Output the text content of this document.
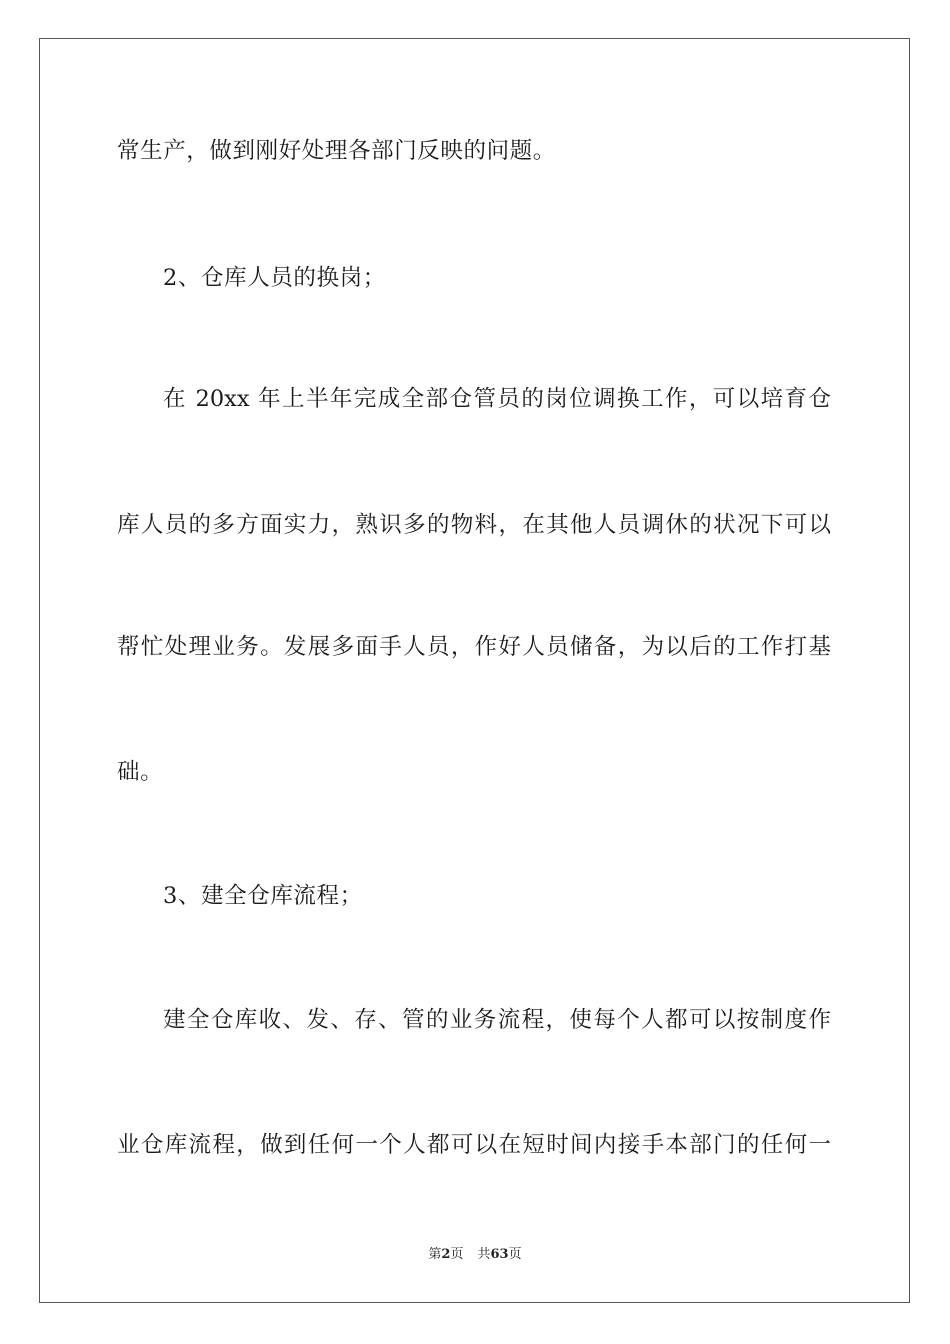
常生产，做到刚好处理各部门反映的问题。
2、仓库人员的换岗；
在 20xx 年上半年完成全部仓管员的岗位调换工作，可以培育仓
库人员的多方面实力，熟识多的物料，在其他人员调休的状况下可以
帮忙处理业务。发展多面手人员，作好人员储备，为以后的工作打基
础。
3、建全仓库流程；
建全仓库收、发、存、管的业务流程，使每个人都可以按制度作
业仓库流程，做到任何一个人都可以在短时间内接手本部门的任何一
第2页 共63页
